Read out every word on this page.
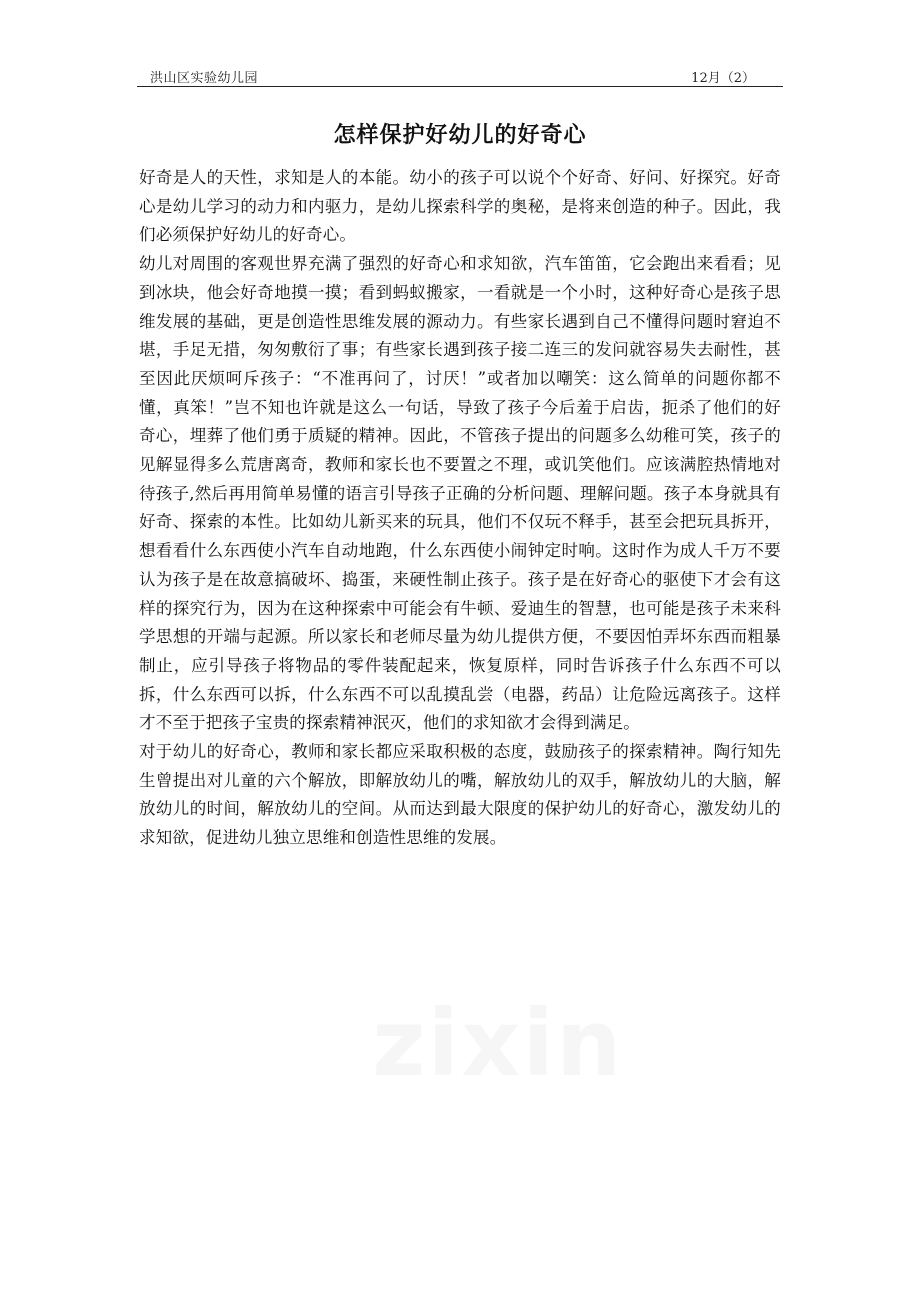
洪山区实验幼儿园	12月（2）
怎样保护好幼儿的好奇心

好奇是人的天性，求知是人的本能。幼小的孩子可以说个个好奇、好问、好探究。好奇心是幼儿学习的动力和内驱力，是幼儿探索科学的奥秘，是将来创造的种子。因此，我们必须保护好幼儿的好奇心。

幼儿对周围的客观世界充满了强烈的好奇心和求知欲，汽车笛笛，它会跑出来看看；见到冰块，他会好奇地摸一摸；看到蚂蚁搬家，一看就是一个小时，这种好奇心是孩子思维发展的基础，更是创造性思维发展的源动力。有些家长遇到自己不懂得问题时窘迫不堪，手足无措，匆匆敷衍了事；有些家长遇到孩子接二连三的发问就容易失去耐性，甚至因此厌烦呵斥孩子：“不准再问了，讨厌！”或者加以嘲笑：这么简单的问题你都不懂，真笨！”岂不知也许就是这么一句话，导致了孩子今后羞于启齿，扼杀了他们的好奇心，埋葬了他们勇于质疑的精神。因此，不管孩子提出的问题多么幼稚可笑，孩子的见解显得多么荒唐离奇，教师和家长也不要置之不理，或讥笑他们。应该满腔热情地对待孩子,然后再用简单易懂的语言引导孩子正确的分析问题、理解问题。孩子本身就具有好奇、探索的本性。比如幼儿新买来的玩具，他们不仅玩不释手，甚至会把玩具拆开，想看看什么东西使小汽车自动地跑，什么东西使小闹钟定时响。这时作为成人千万不要认为孩子是在故意搞破坏、捣蛋，来硬性制止孩子。孩子是在好奇心的驱使下才会有这样的探究行为，因为在这种探索中可能会有牛顿、爱迪生的智慧，也可能是孩子未来科学思想的开端与起源。所以家长和老师尽量为幼儿提供方便，不要因怕弄坏东西而粗暴制止，应引导孩子将物品的零件装配起来，恢复原样，同时告诉孩子什么东西不可以拆，什么东西可以拆，什么东西不可以乱摸乱尝（电器，药品）让危险远离孩子。这样才不至于把孩子宝贵的探索精神泯灭，他们的求知欲才会得到满足。

对于幼儿的好奇心，教师和家长都应采取积极的态度，鼓励孩子的探索精神。陶行知先生曾提出对儿童的六个解放，即解放幼儿的嘴，解放幼儿的双手，解放幼儿的大脑，解放幼儿的时间，解放幼儿的空间。从而达到最大限度的保护幼儿的好奇心，激发幼儿的求知欲，促进幼儿独立思维和创造性思维的发展。
